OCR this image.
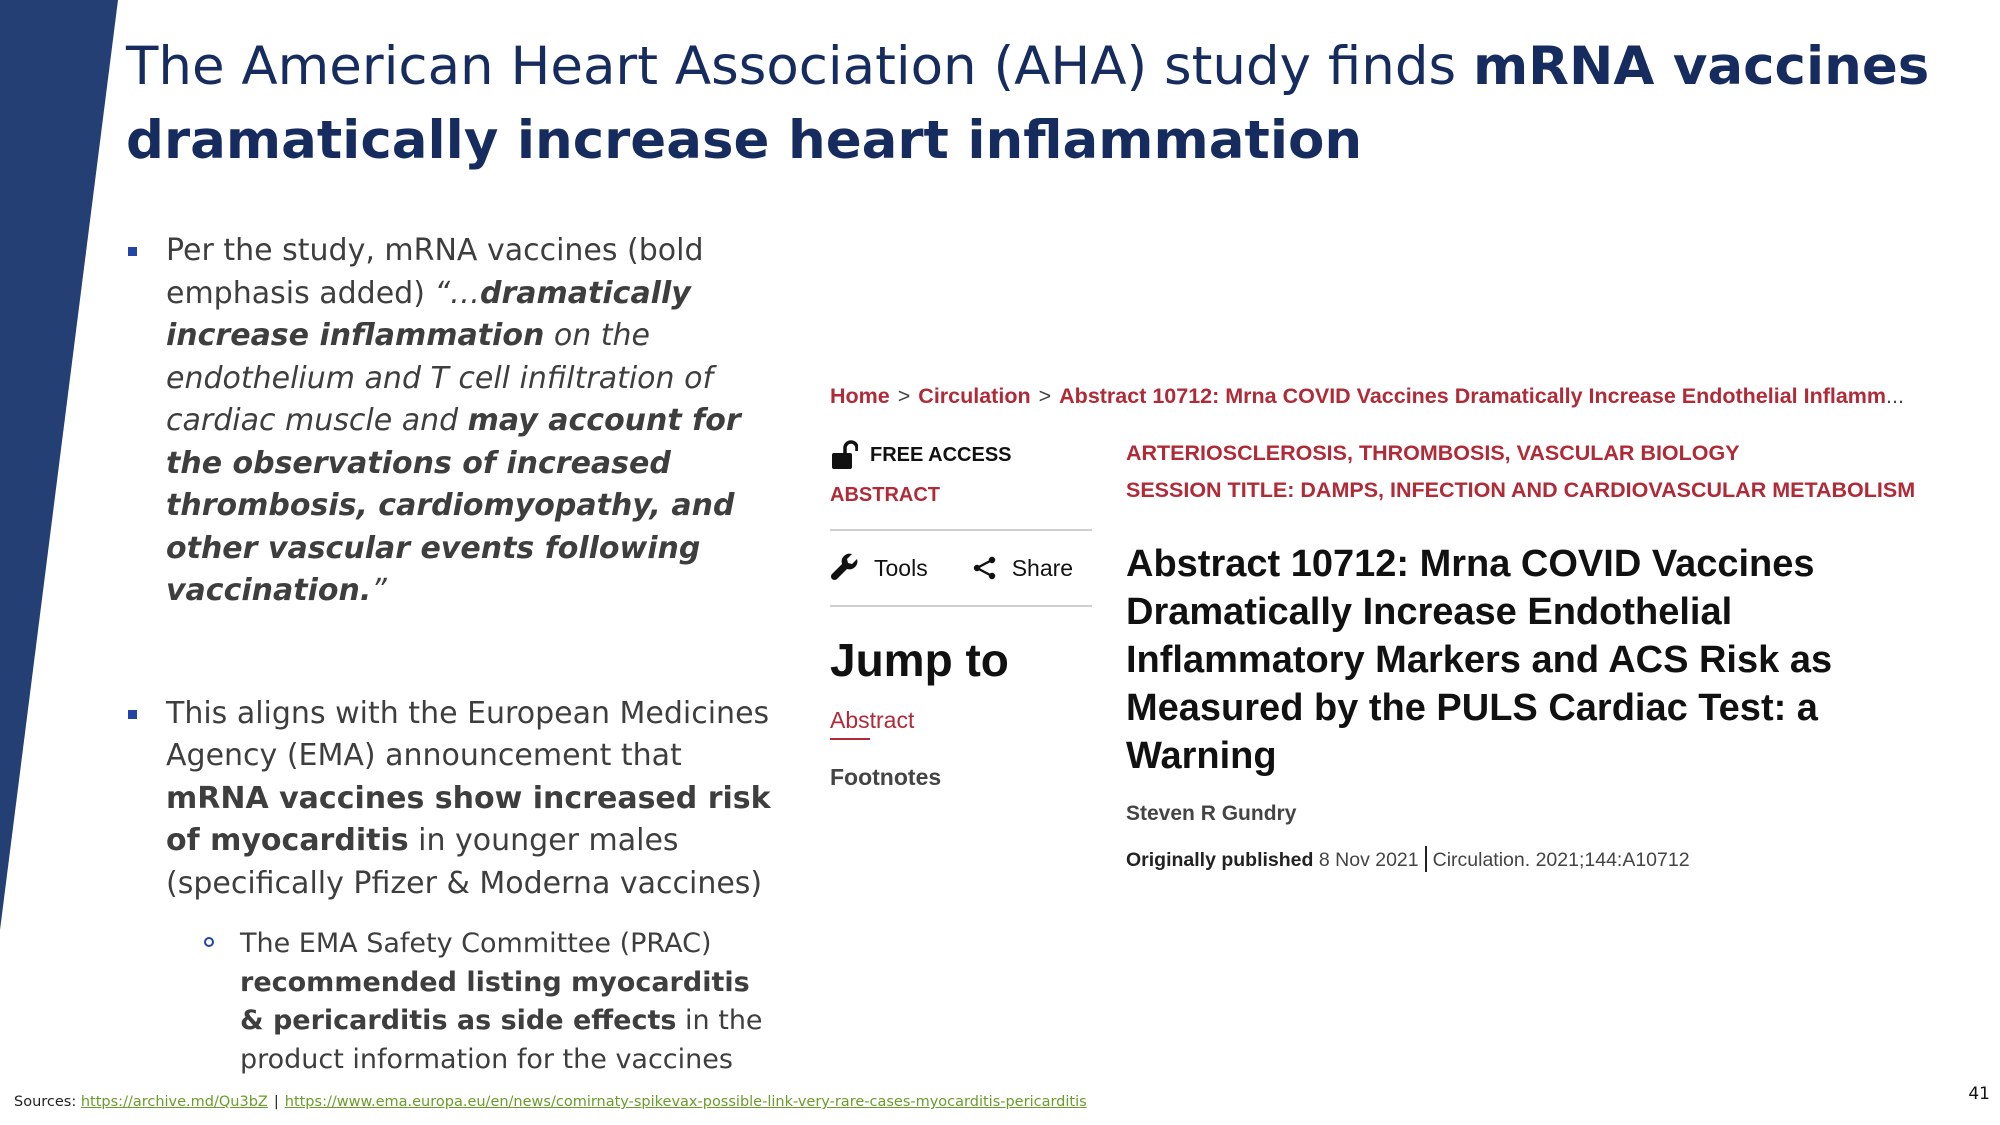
The American Heart Association (AHA) study finds mRNA vaccines dramatically increase heart inflammation
Per the study, mRNA vaccines (bold emphasis added) “…dramatically increase inflammation on the endothelium and T cell infiltration of cardiac muscle and may account for the observations of increased thrombosis, cardiomyopathy, and other vascular events following vaccination.”
This aligns with the European Medicines Agency (EMA) announcement that mRNA vaccines show increased risk of myocarditis in younger males (specifically Pfizer & Moderna vaccines)
The EMA Safety Committee (PRAC) recommended listing myocarditis & pericarditis as side effects in the product information for the vaccines
Home > Circulation > Abstract 10712: Mrna COVID Vaccines Dramatically Increase Endothelial Inflamm...
FREE ACCESS
ABSTRACT
Tools	Share
Jump to
Abstract
Footnotes
ARTERIOSCLEROSIS, THROMBOSIS, VASCULAR BIOLOGY
SESSION TITLE: DAMPS, INFECTION AND CARDIOVASCULAR METABOLISM
Abstract 10712: Mrna COVID Vaccines Dramatically Increase Endothelial Inflammatory Markers and ACS Risk as Measured by the PULS Cardiac Test: a Warning
Steven R Gundry
Originally published 8 Nov 2021 Circulation. 2021;144:A10712
Sources: https://archive.md/Qu3bZ | https://www.ema.europa.eu/en/news/comirnaty-spikevax-possible-link-very-rare-cases-myocarditis-pericarditis	41
